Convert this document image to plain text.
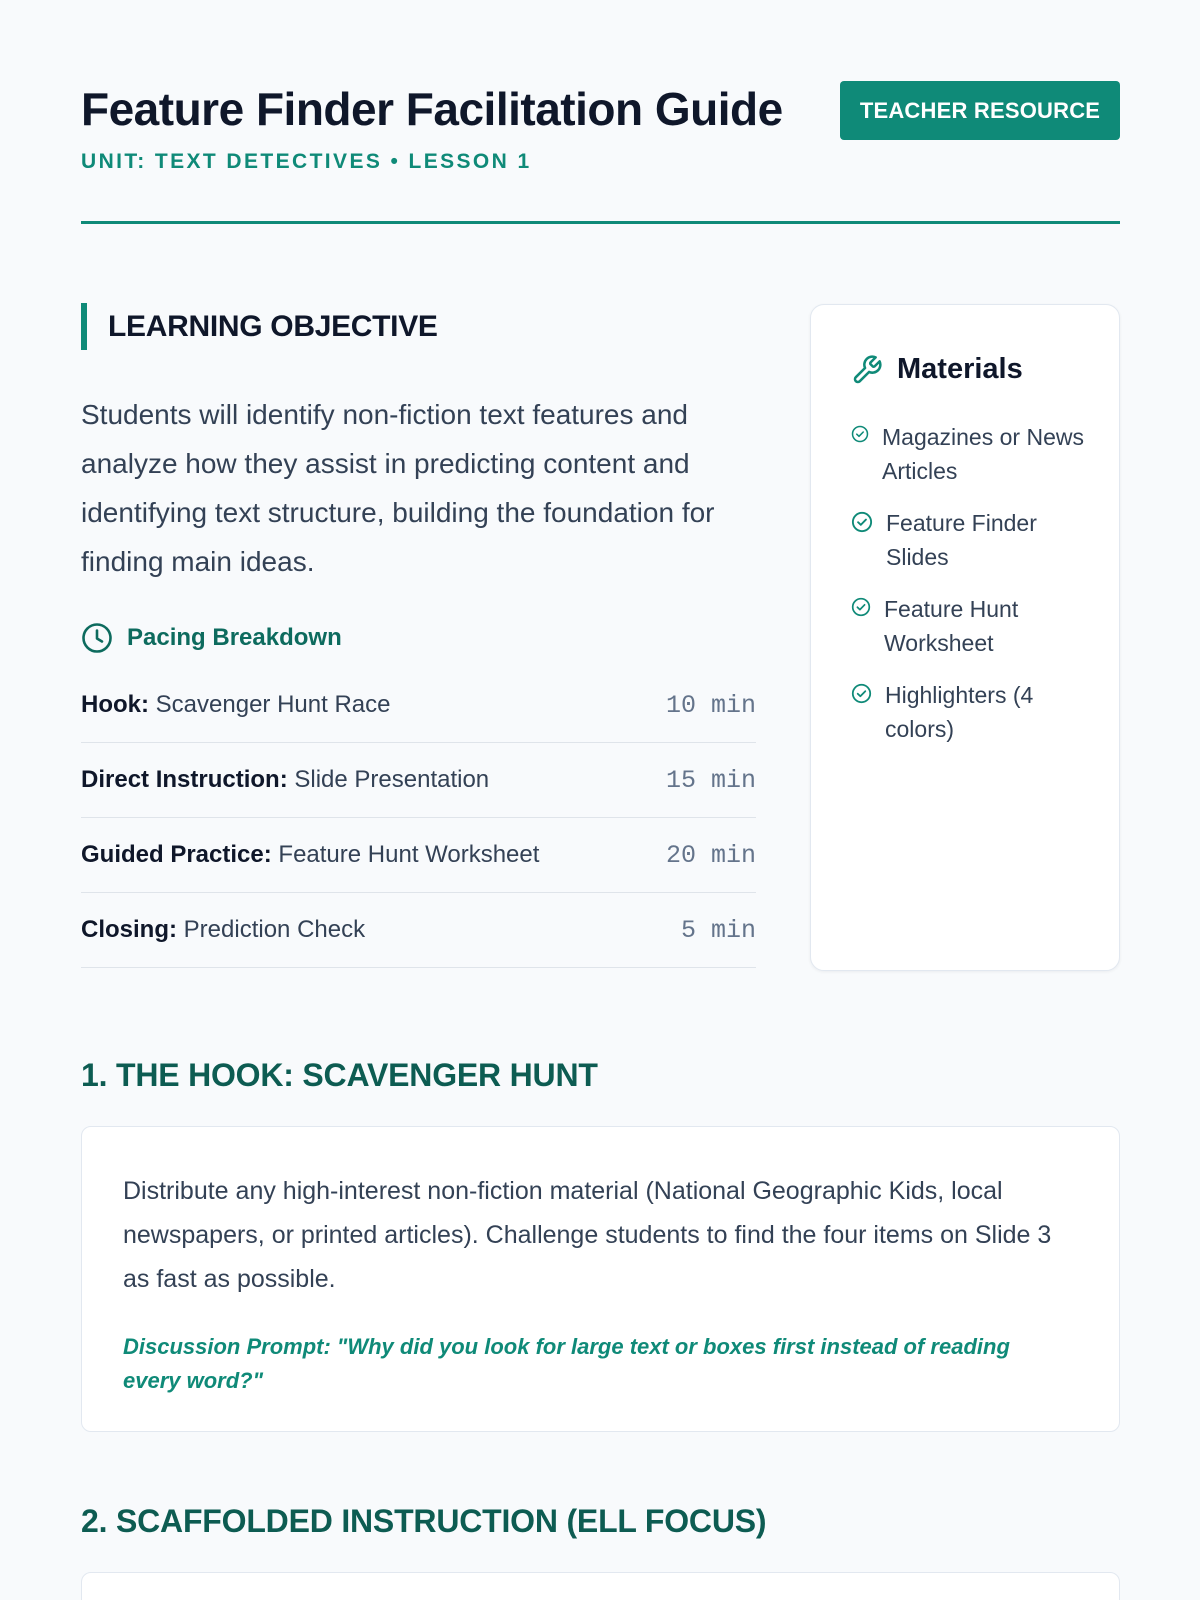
Feature Finder Facilitation Guide
UNIT: TEXT DETECTIVES • LESSON 1
TEACHER RESOURCE
LEARNING OBJECTIVE

Students will identify non-fiction text features and analyze how they assist in predicting content and identifying text structure, building the foundation for finding main ideas.

Pacing Breakdown
Hook: Scavenger Hunt Race	10 min
Direct Instruction: Slide Presentation	15 min
Guided Practice: Feature Hunt Worksheet	20 min
Closing: Prediction Check	5 min
Materials
Magazines or News Articles
Feature Finder Slides
Feature Hunt Worksheet
Highlighters (4 colors)
1. THE HOOK: SCAVENGER HUNT

Distribute any high-interest non-fiction material (National Geographic Kids, local newspapers, or printed articles). Challenge students to find the four items on Slide 3 as fast as possible.

Discussion Prompt: "Why did you look for large text or boxes first instead of reading every word?"

2. SCAFFOLDED INSTRUCTION (ELL FOCUS)
